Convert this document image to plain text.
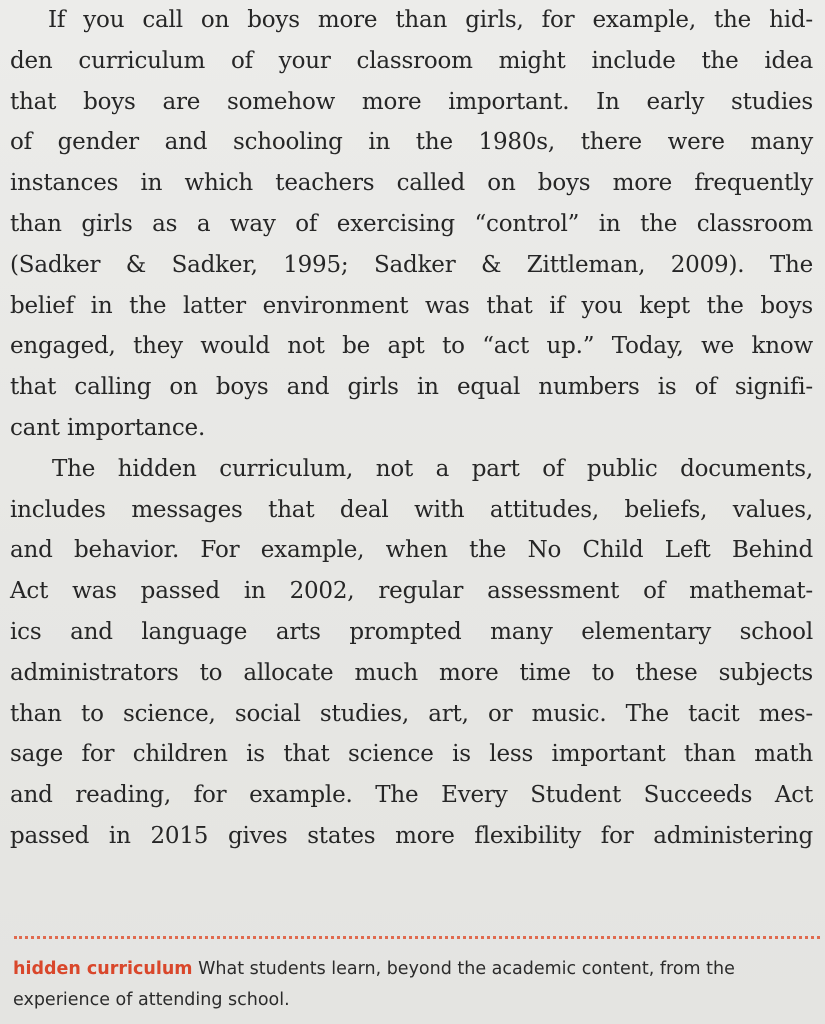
If you call on boys more than girls, for example, the hid-
den curriculum of your classroom might include the idea
that boys are somehow more important. In early studies
of gender and schooling in the 1980s, there were many
instances in which teachers called on boys more frequently
than girls as a way of exercising “control” in the classroom
(Sadker & Sadker, 1995; Sadker & Zittleman, 2009). The
belief in the latter environment was that if you kept the boys
engaged, they would not be apt to “act up.” Today, we know
that calling on boys and girls in equal numbers is of signifi-
cant importance.
The hidden curriculum, not a part of public documents,
includes messages that deal with attitudes, beliefs, values,
and behavior. For example, when the No Child Left Behind
Act was passed in 2002, regular assessment of mathemat-
ics and language arts prompted many elementary school
administrators to allocate much more time to these subjects
than to science, social studies, art, or music. The tacit mes-
sage for children is that science is less important than math
and reading, for example. The Every Student Succeeds Act
passed in 2015 gives states more flexibility for administering
hidden curriculum What students learn, beyond the academic content, from the experience of attending school.
